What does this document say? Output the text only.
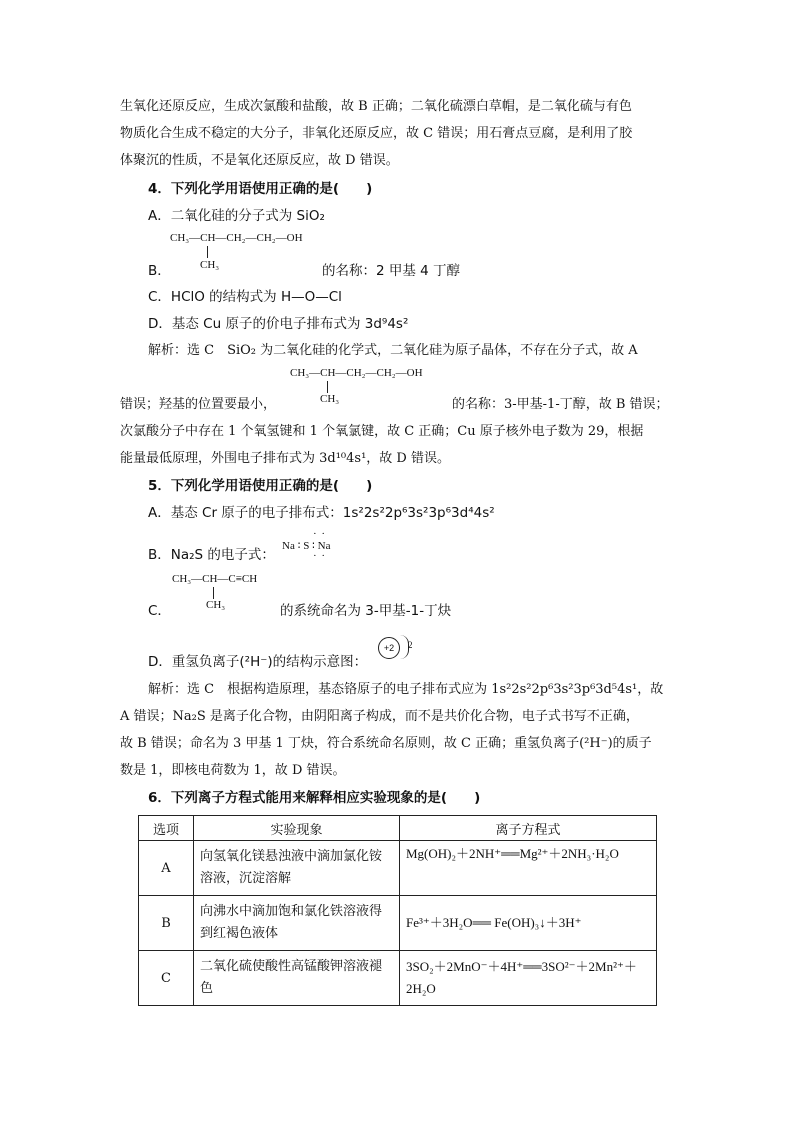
生氧化还原反应，生成次氯酸和盐酸，故 B 正确；二氧化硫漂白草帽，是二氧化硫与有色
物质化合生成不稳定的大分子，非氧化还原反应，故 C 错误；用石膏点豆腐，是利用了胶
体聚沉的性质，不是氧化还原反应，故 D 错误。
4．下列化学用语使用正确的是(　　)
A．二氧化硅的分子式为 SiO₂
CH₃—CH—CH₂—CH₂—OH
CH₃
B．	的名称：2 甲基 4 丁醇
C．HClO 的结构式为 H—O—Cl
D．基态 Cu 原子的价电子排布式为 3d⁹4s²
解析：选 C　SiO₂ 为二氧化硅的化学式，二氧化硅为原子晶体，不存在分子式，故 A
CH₃—CH—CH₂—CH₂—OH
CH₃
错误；羟基的位置要最小，	的名称：3-甲基-1-丁醇，故 B 错误；
次氯酸分子中存在 1 个氧氢键和 1 个氧氯键，故 C 正确；Cu 原子核外电子数为 29，根据
能量最低原理，外围电子排布式为 3d¹⁰4s¹，故 D 错误。
5．下列化学用语使用正确的是(　　)
A．基态 Cr 原子的电子排布式：1s²2s²2p⁶3s²3p⁶3d⁴4s²
B．Na₂S 的电子式：
· ·
Na ∶ S ∶ Na
· ·
CH₃—CH—C≡CH
CH₃
C．	的系统命名为 3-甲基-1-丁炔
D．重氢负离子(²H⁻)的结构示意图：
+2	2
解析：选 C　根据构造原理，基态铬原子的电子排布式应为 1s²2s²2p⁶3s²3p⁶3d⁵4s¹，故
A 错误；Na₂S 是离子化合物，由阴阳离子构成，而不是共价化合物，电子式书写不正确，
故 B 错误；命名为 3 甲基 1 丁炔，符合系统命名原则，故 C 正确；重氢负离子(²H⁻)的质子
数是 1，即核电荷数为 1，故 D 错误。
6．下列离子方程式能用来解释相应实验现象的是(　　)
选项	实验现象	离子方程式
A	向氢氧化镁悬浊液中滴加氯化铵溶液，沉淀溶解	Mg(OH)₂＋2NH⁺══Mg²⁺＋2NH₃·H₂O
B	向沸水中滴加饱和氯化铁溶液得到红褐色液体	Fe³⁺＋3H₂O══ Fe(OH)₃↓＋3H⁺
C	二氧化硫使酸性高锰酸钾溶液褪色	3SO₂＋2MnO⁻＋4H⁺══3SO²⁻＋2Mn²⁺＋2H₂O
